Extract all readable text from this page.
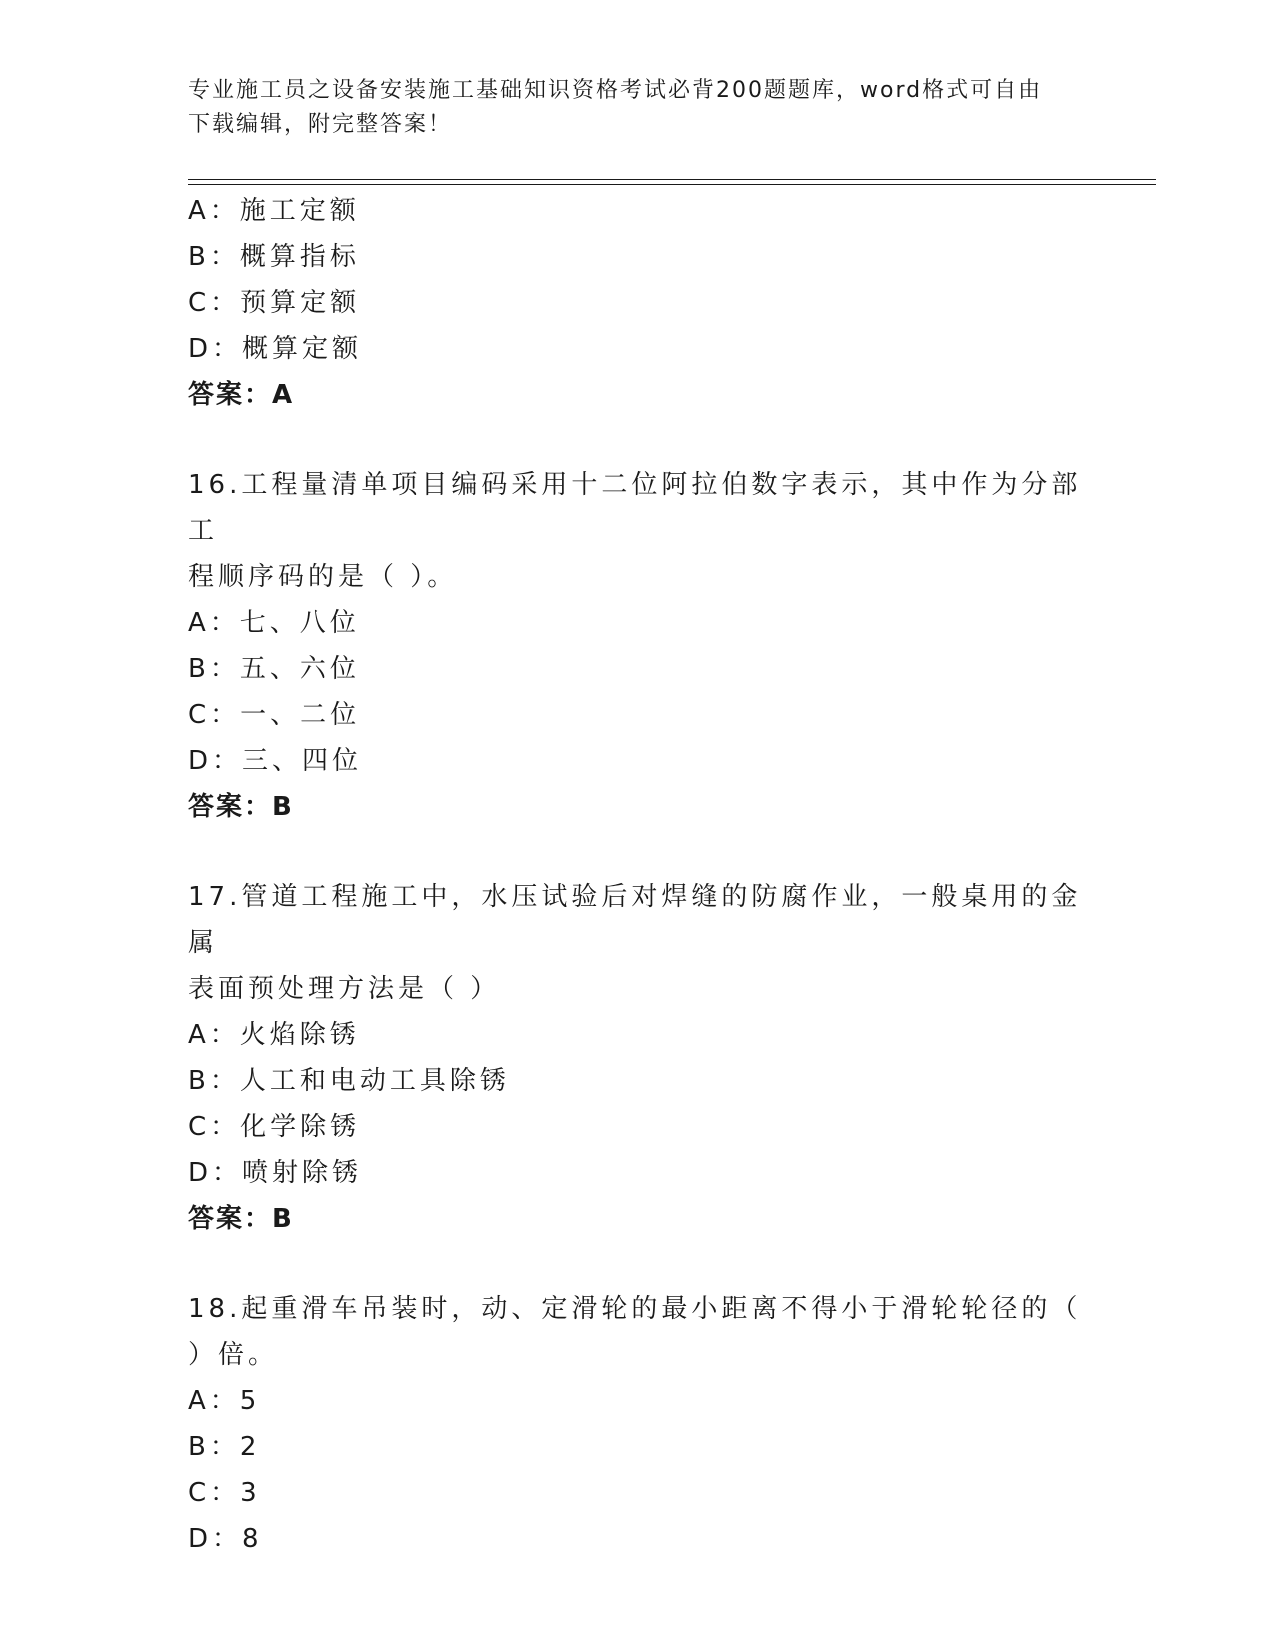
专业施工员之设备安装施工基础知识资格考试必背200题题库，word格式可自由
下载编辑，附完整答案！
A：施工定额
B：概算指标
C：预算定额
D：概算定额
答案：A
16.工程量清单项目编码采用十二位阿拉伯数字表示，其中作为分部工
程顺序码的是（ ）。
A：七、八位
B：五、六位
C：一、二位
D：三、四位
答案：B
17.管道工程施工中，水压试验后对焊缝的防腐作业，一般桌用的金属
表面预处理方法是（ ）
A：火焰除锈
B：人工和电动工具除锈
C：化学除锈
D：喷射除锈
答案：B
18.起重滑车吊装时，动、定滑轮的最小距离不得小于滑轮轮径的（
）倍。
A：5
B：2
C：3
D：8
